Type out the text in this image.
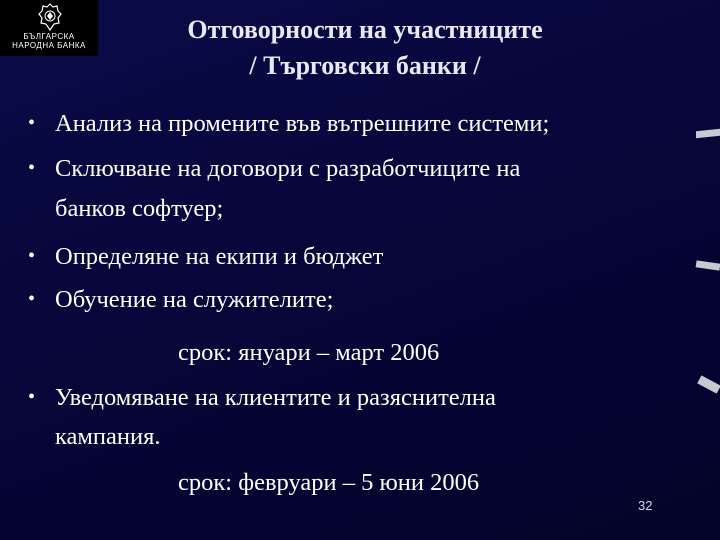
БЪЛГАРСКА
НАРОДНА БАНКА
Отговорности на участниците
/ Търговски банки /
• Анализ на промените във вътрешните системи;
• Сключване на договори с разработчиците на
банков софтуер;
• Определяне на екипи и бюджет
• Обучение на служителите;
• Уведомяване на клиентите и разяснителна
кампания.
срок: януари – март 2006
срок: февруари – 5 юни 2006
32
